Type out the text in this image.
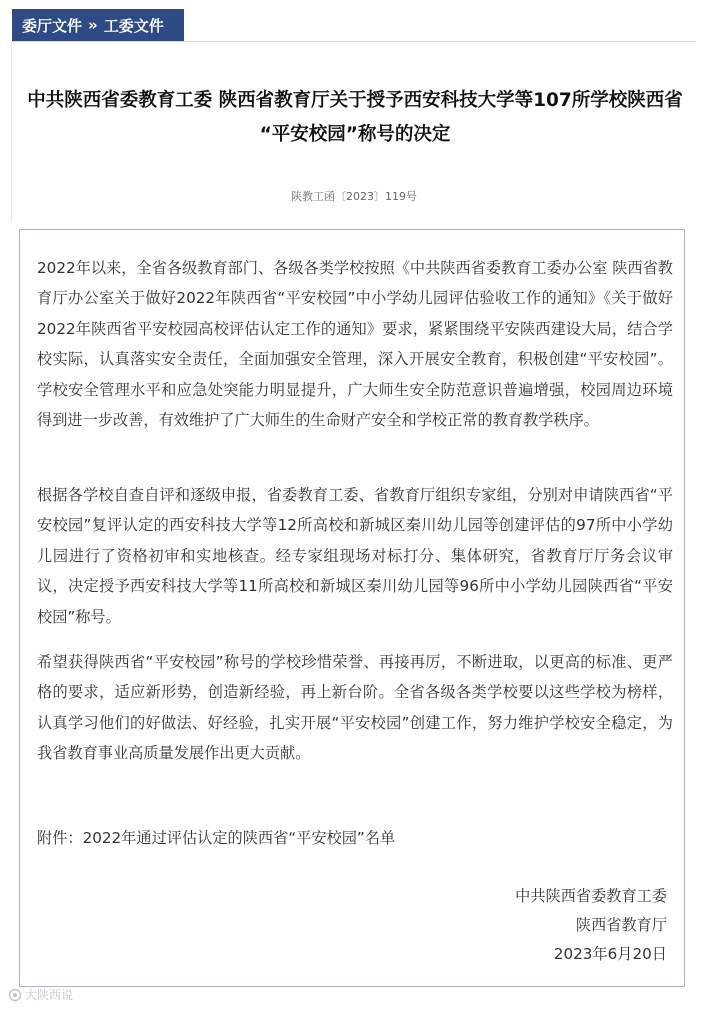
委厅文件 » 工委文件
中共陕西省委教育工委 陕西省教育厅关于授予西安科技大学等107所学校陕西省 “平安校园”称号的决定
陕教工函〔2023〕119号

2022年以来，全省各级教育部门、各级各类学校按照《中共陕西省委教育工委办公室 陕西省教育厅办公室关于做好2022年陕西省“平安校园”中小学幼儿园评估验收工作的通知》《关于做好2022年陕西省平安校园高校评估认定工作的通知》要求，紧紧围绕平安陕西建设大局，结合学校实际，认真落实安全责任，全面加强安全管理，深入开展安全教育，积极创建“平安校园”。学校安全管理水平和应急处突能力明显提升，广大师生安全防范意识普遍增强，校园周边环境得到进一步改善，有效维护了广大师生的生命财产安全和学校正常的教育教学秩序。

根据各学校自查自评和逐级申报，省委教育工委、省教育厅组织专家组，分别对申请陕西省“平安校园”复评认定的西安科技大学等12所高校和新城区秦川幼儿园等创建评估的97所中小学幼儿园进行了资格初审和实地核查。经专家组现场对标打分、集体研究，省教育厅厅务会议审议，决定授予西安科技大学等11所高校和新城区秦川幼儿园等96所中小学幼儿园陕西省“平安校园”称号。

希望获得陕西省“平安校园”称号的学校珍惜荣誉、再接再厉，不断进取，以更高的标准、更严格的要求，适应新形势，创造新经验，再上新台阶。全省各级各类学校要以这些学校为榜样，认真学习他们的好做法、好经验，扎实开展“平安校园”创建工作，努力维护学校安全稳定，为我省教育事业高质量发展作出更大贡献。

附件：2022年通过评估认定的陕西省“平安校园”名单
中共陕西省委教育工委
陕西省教育厅
2023年6月20日
大陕西说
